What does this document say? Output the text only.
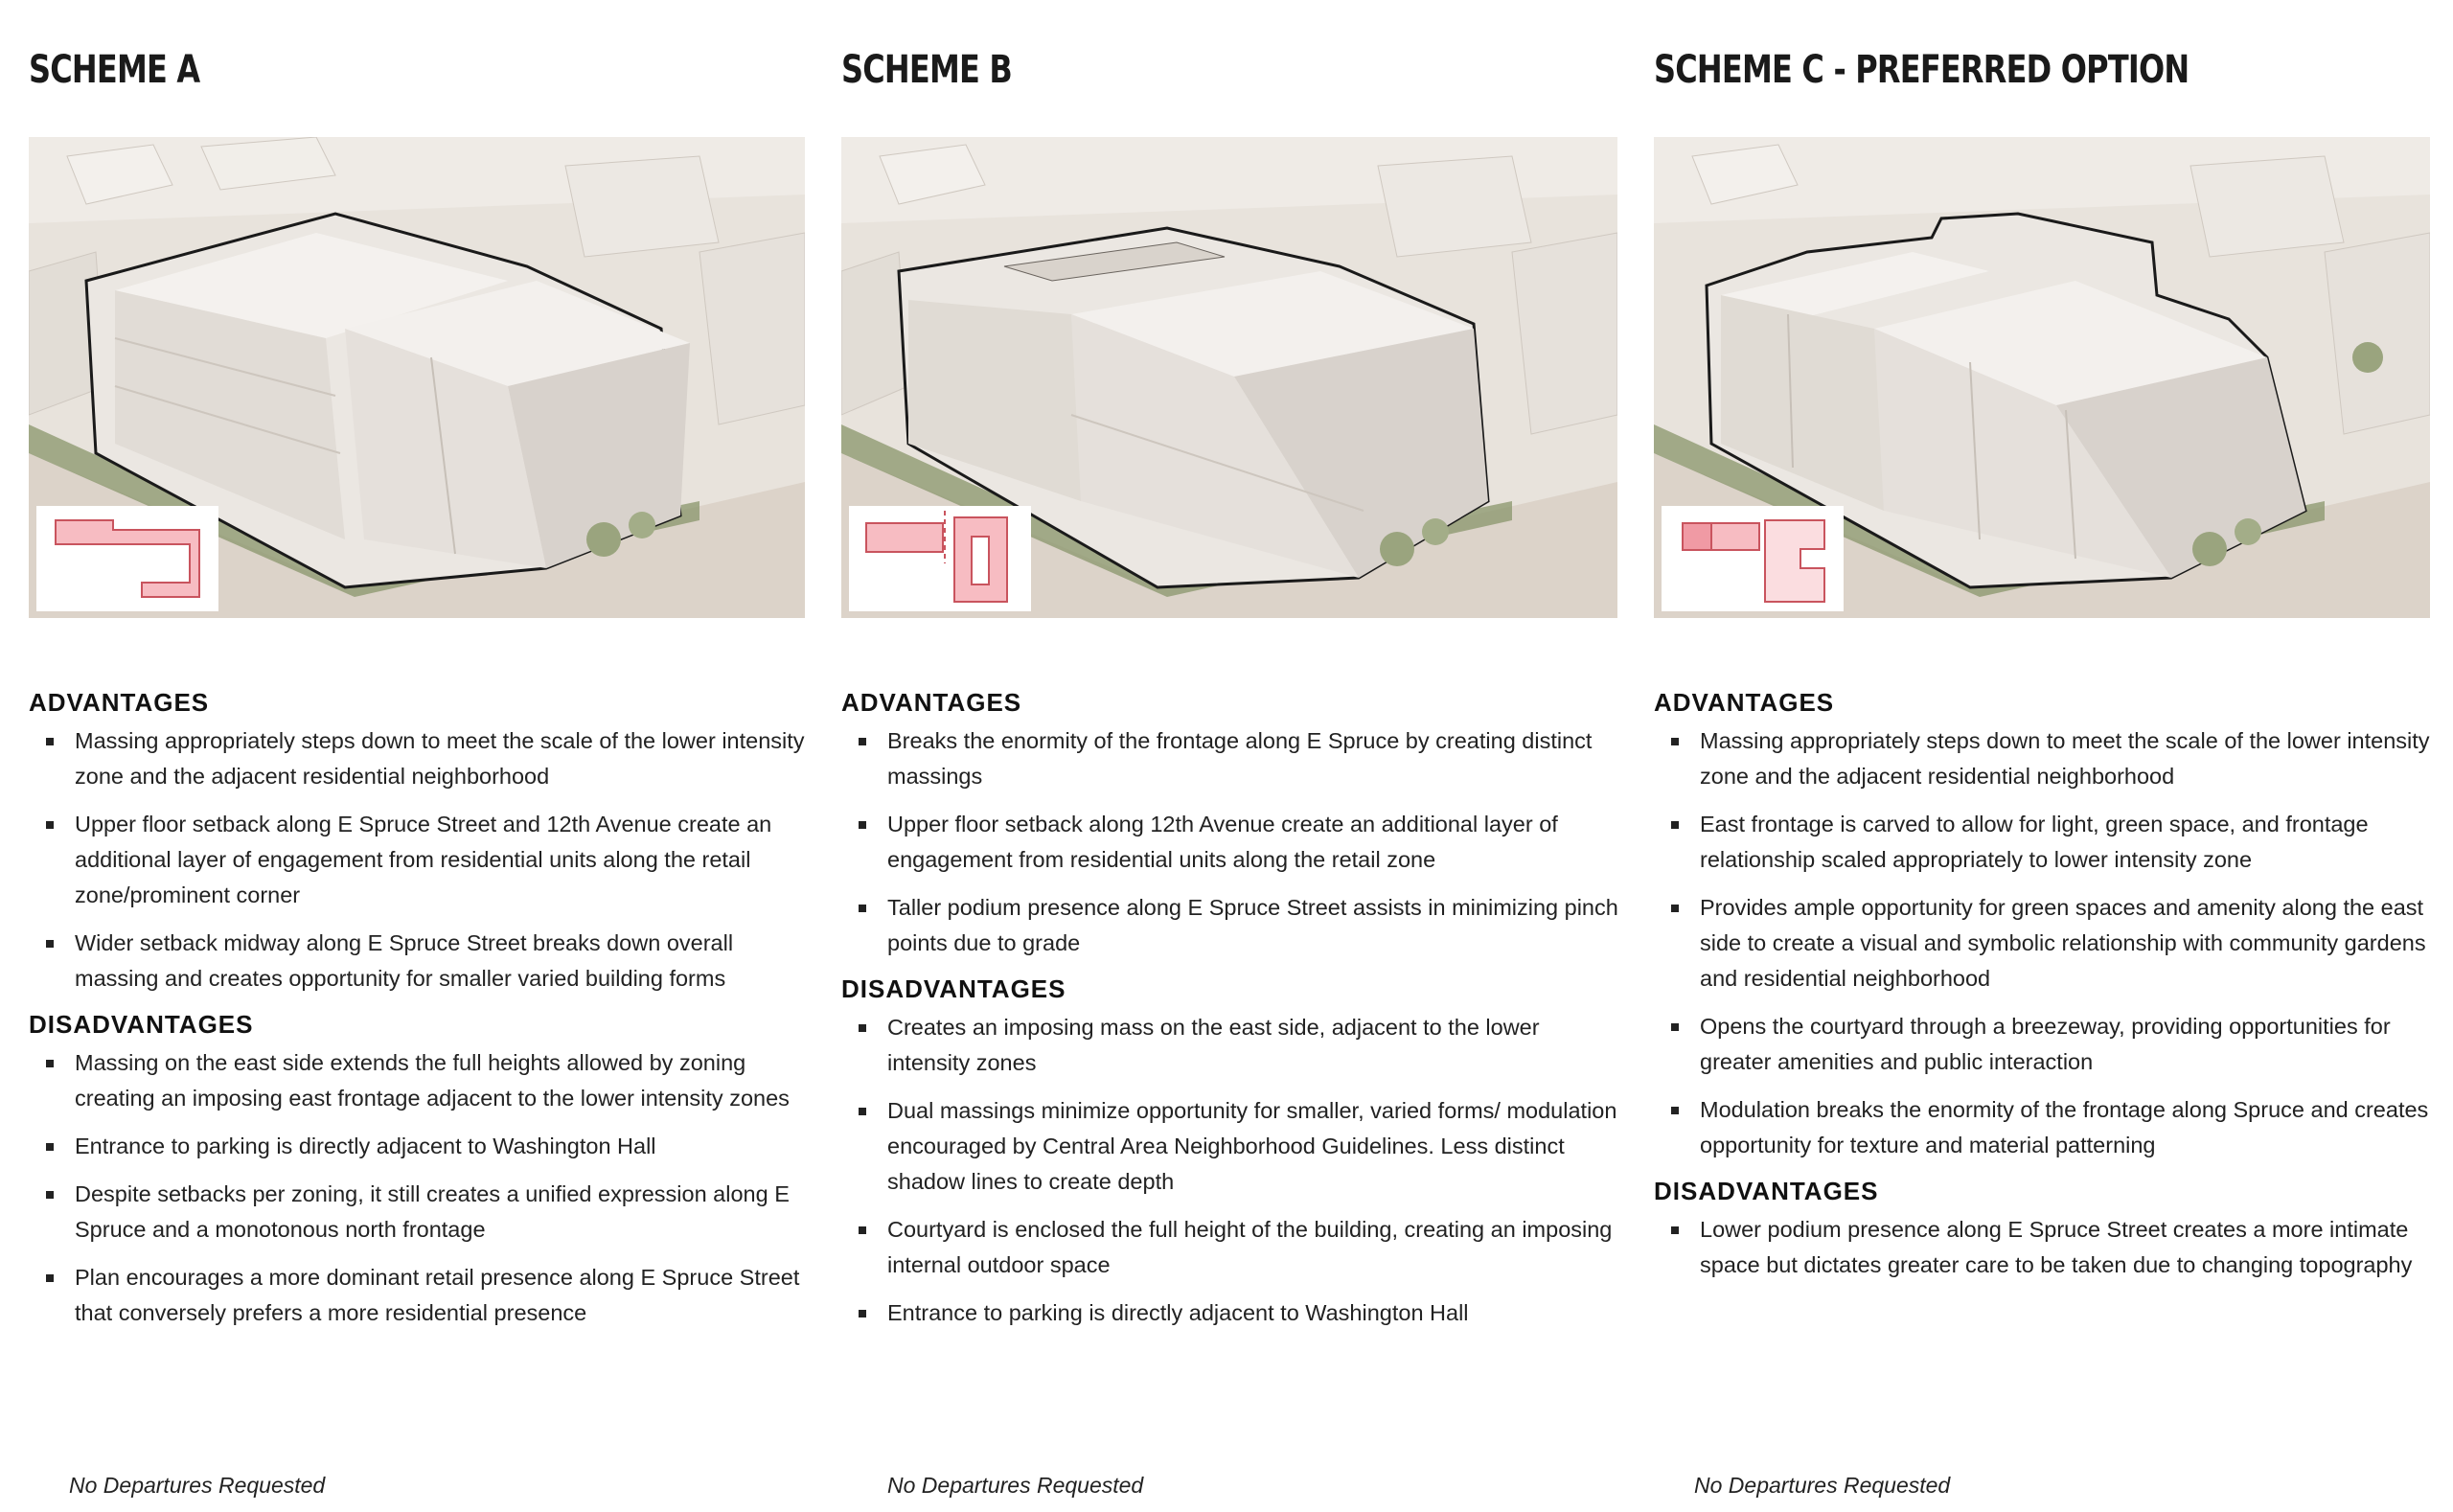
SCHEME A
ADVANTAGES
Massing appropriately steps down to meet the scale of the lower intensity zone and the adjacent residential neighborhood
Upper floor setback along E Spruce Street and 12th Avenue create an additional layer of engagement from residential units along the retail zone/prominent corner
Wider setback midway along E Spruce Street breaks down overall massing and creates opportunity for smaller varied building forms
DISADVANTAGES
Massing on the east side extends the full heights allowed by zoning creating an imposing east frontage adjacent to the lower intensity zones
Entrance to parking is directly adjacent to Washington Hall
Despite setbacks per zoning, it still creates a unified expression along E Spruce and a monotonous north frontage
Plan encourages a more dominant retail presence along E Spruce Street that conversely prefers a more residential presence
No Departures Requested
SCHEME B
ADVANTAGES
Breaks the enormity of the frontage along E Spruce by creating distinct massings
Upper floor setback along 12th Avenue create an additional layer of engagement from residential units along the retail zone
Taller podium presence along E Spruce Street assists in minimizing pinch points due to grade
DISADVANTAGES
Creates an imposing mass on the east side, adjacent to the lower intensity zones
Dual massings minimize opportunity for smaller, varied forms/ modulation encouraged by Central Area Neighborhood Guidelines. Less distinct shadow lines to create depth
Courtyard is enclosed the full height of the building, creating an imposing internal outdoor space
Entrance to parking is directly adjacent to Washington Hall
No Departures Requested
SCHEME C - PREFERRED OPTION
ADVANTAGES
Massing appropriately steps down to meet the scale of the lower intensity zone and the adjacent residential neighborhood
East frontage is carved to allow for light, green space, and frontage relationship scaled appropriately to lower intensity zone
Provides ample opportunity for green spaces and amenity along the east side to create a visual and symbolic relationship with community gardens and residential neighborhood
Opens the courtyard through a breezeway, providing opportunities for greater amenities and public interaction
Modulation breaks the enormity of the frontage along Spruce and creates opportunity for texture and material patterning
DISADVANTAGES
Lower podium presence along E Spruce Street creates a more intimate space but dictates greater care to be taken due to changing topography
No Departures Requested
